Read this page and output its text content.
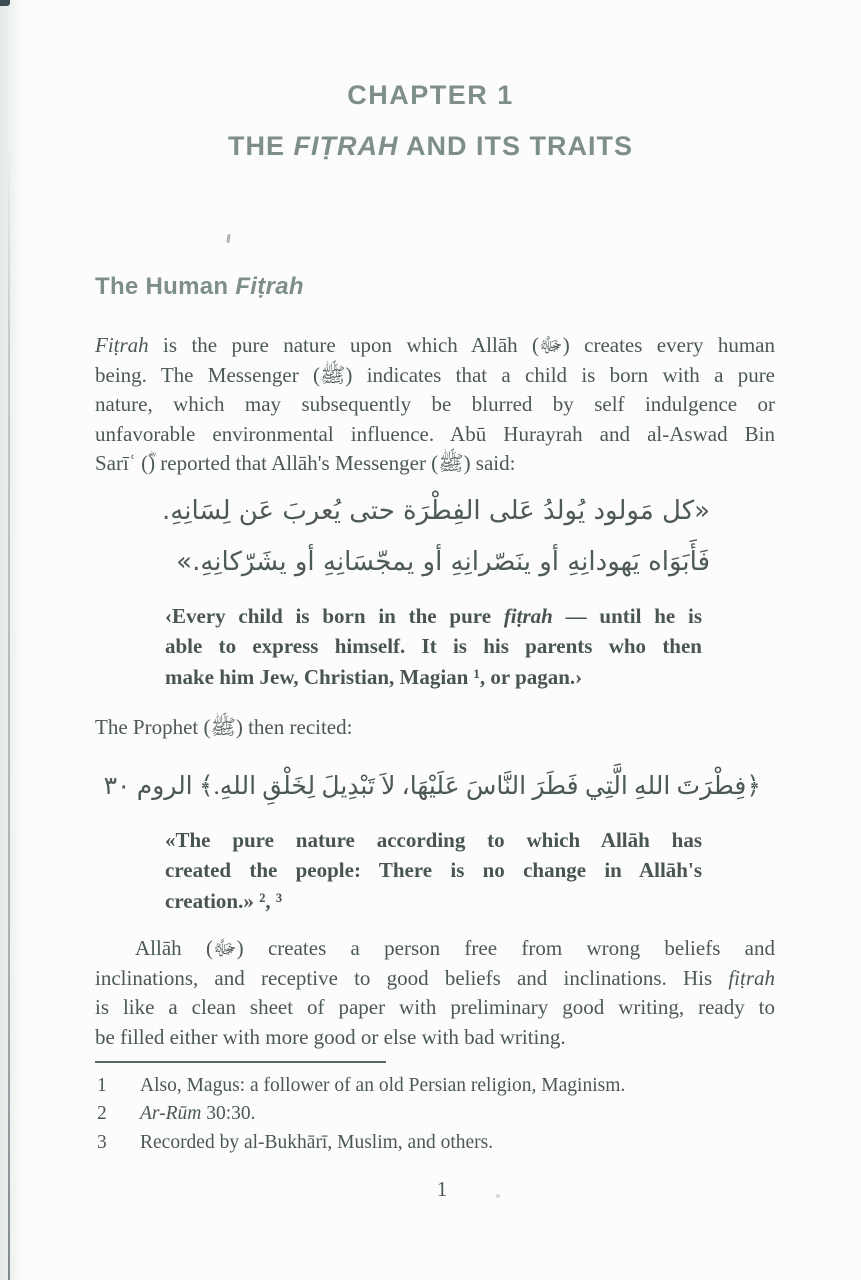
CHAPTER 1
THE FIṬRAH AND ITS TRAITS
The Human Fiṭrah
Fiṭrah is the pure nature upon which Allāh (ﷻ) creates every human
being. The Messenger (ﷺ) indicates that a child is born with a pure
nature, which may subsequently be blurred by self indulgence or
unfavorable environmental influence. Abū Hurayrah and al-Aswad Bin
Sarīʿ (ؓ) reported that Allāh's Messenger (ﷺ) said:
«كل مَولود يُولدُ عَلى الفِطْرَة حتى يُعربَ عَن لِسَانِهِ.
فَأَبَوَاه يَهودانِهِ أو ينَصّرانِهِ أو يمجّسَانِهِ أو يشَرّكانِهِ.»
‹Every child is born in the pure fiṭrah — until he is
able to express himself. It is his parents who then
make him Jew, Christian, Magian ¹, or pagan.›
The Prophet (ﷺ) then recited:
﴿فِطْرَتَ اللهِ الَّتِي فَطَرَ النَّاسَ عَلَيْهَا، لاَ تَبْدِيلَ لِخَلْقِ اللهِ.﴾ الروم ٣٠
«The pure nature according to which Allāh has
created the people: There is no change in Allāh's
creation.» ², ³
Allāh (ﷻ) creates a person free from wrong beliefs and
inclinations, and receptive to good beliefs and inclinations. His fiṭrah
is like a clean sheet of paper with preliminary good writing, ready to
be filled either with more good or else with bad writing.
1	Also, Magus: a follower of an old Persian religion, Maginism.
2	Ar-Rūm 30:30.
3	Recorded by al-Bukhārī, Muslim, and others.
1
